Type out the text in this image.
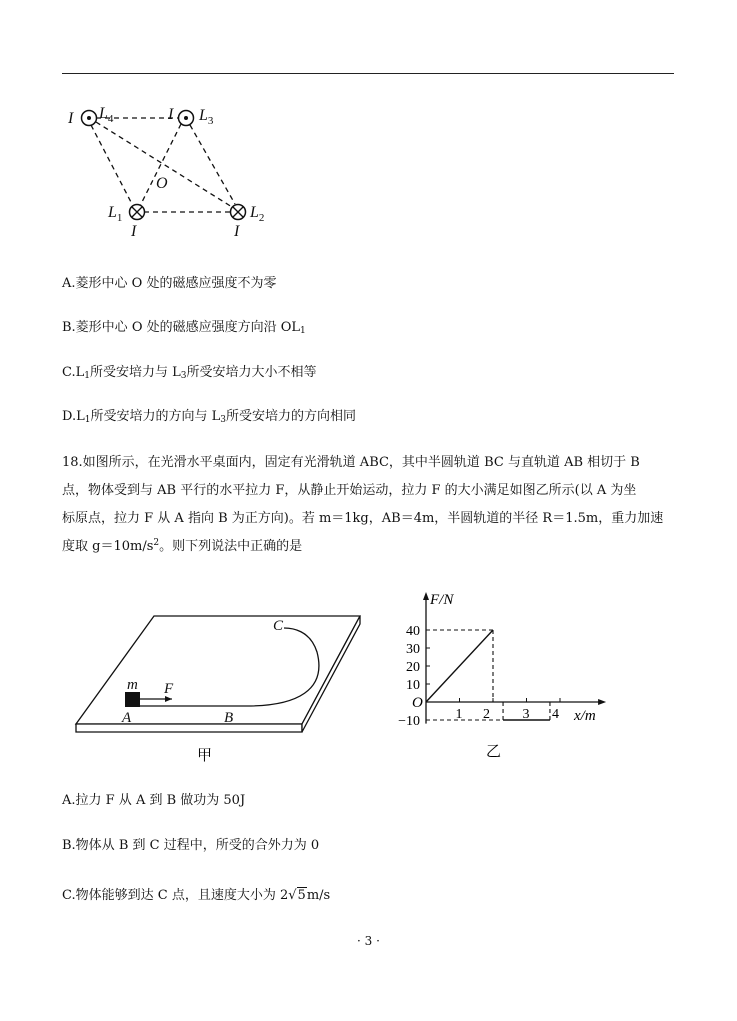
I $L_4$	I $L_3$
O
$L_1$	$L_2$
I	I
A.菱形中心 O 处的磁感应强度不为零
B.菱形中心 O 处的磁感应强度方向沿 $OL_1$
$C.L_1$所受安培力与 $L_3$所受安培力大小不相等
$D.L_1$所受安培力的方向与 $L_3$所受安培力的方向相同
18.如图所示，在光滑水平桌面内，固定有光滑轨道 ABC，其中半圆轨道 BC 与直轨道 AB 相切于 B
点，物体受到与 AB 平行的水平拉力 F，从静止开始运动，拉力 F 的大小满足如图乙所示(以 A 为坐
标原点，拉力 F 从 A 指向 B 为正方向)。若 m＝1kg，AB＝4m，半圆轨道的半径 R＝1.5m，重力加速
度取 $g=10m/s^2$。则下列说法中正确的是
C
m F
A	B
甲
40
30
20
10
−10	1 2 3 4
F/N
x/m
O
乙
A.拉力 F 从 A 到 B 做功为 50J
B.物体从 B 到 C 过程中，所受的合外力为 0
C.物体能够到达 C 点，且速度大小为 2√5m/s
· 3 ·
